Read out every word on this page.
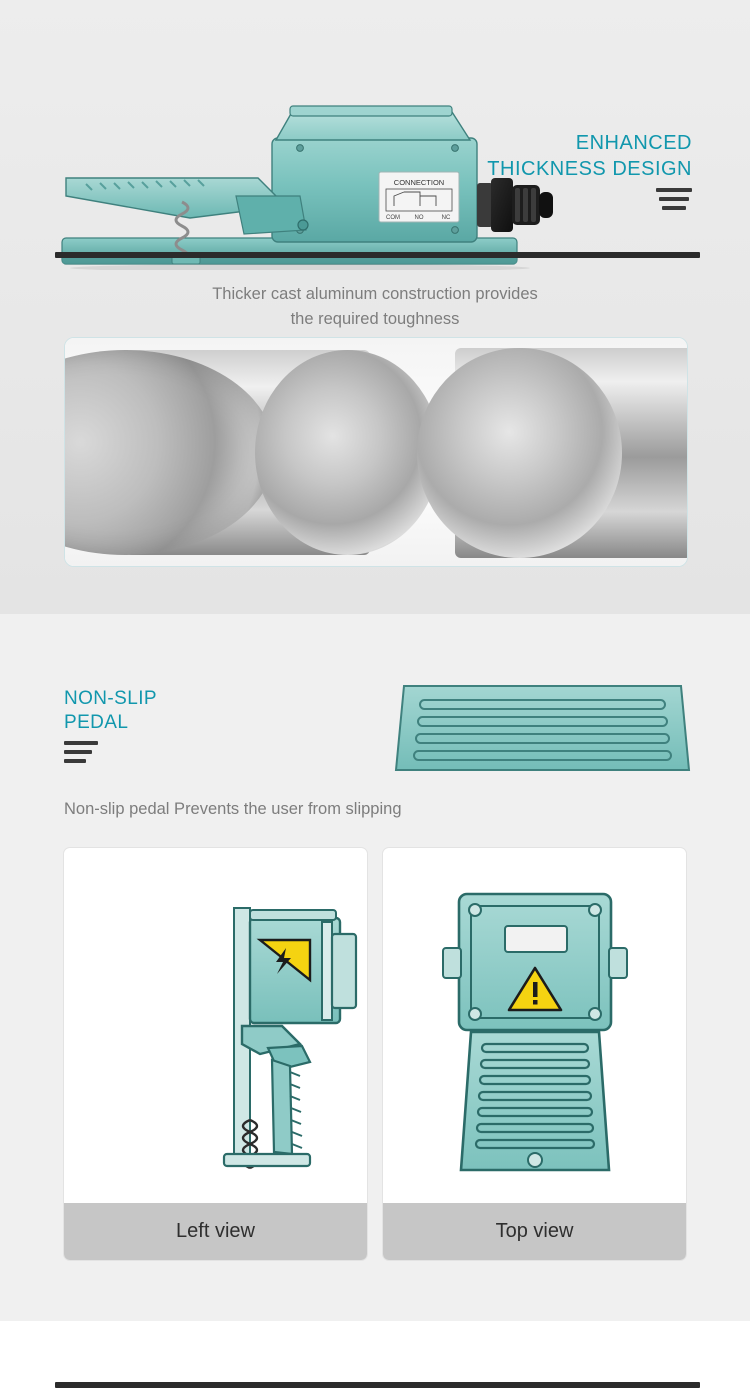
CONNECTION
COM NO	NC
ENHANCED
THICKNESS DESIGN
Thicker cast aluminum construction provides
the required toughness
NON-SLIP
PEDAL
Non-slip pedal Prevents the user from slipping
Left view	Top view
